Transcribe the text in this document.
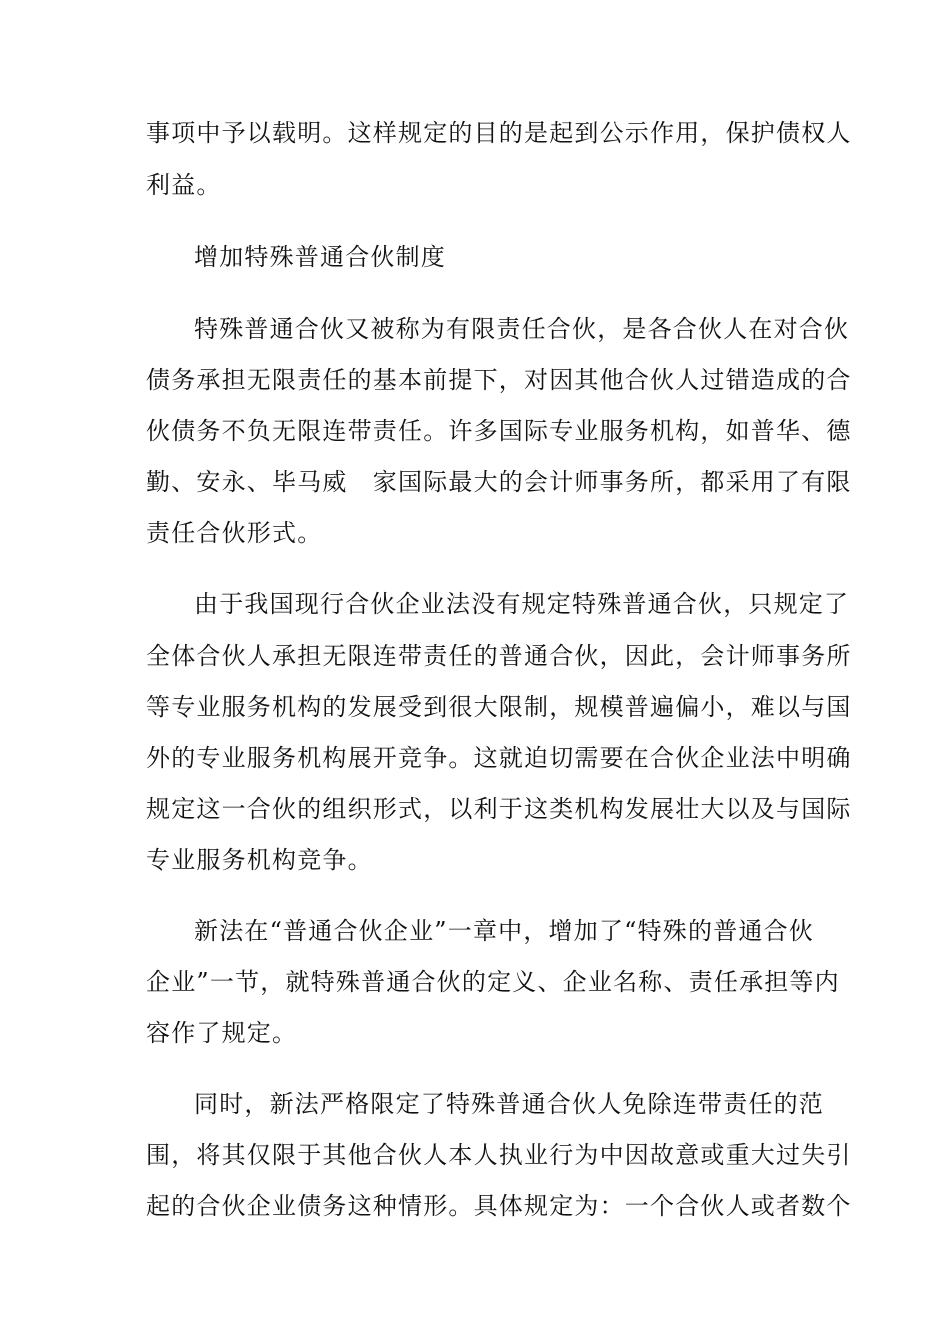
事项中予以载明。这样规定的目的是起到公示作用，保护债权人
利益。
增加特殊普通合伙制度
特殊普通合伙又被称为有限责任合伙，是各合伙人在对合伙
债务承担无限责任的基本前提下，对因其他合伙人过错造成的合
伙债务不负无限连带责任。许多国际专业服务机构，如普华、德
勤、安永、毕马威　家国际最大的会计师事务所，都采用了有限
责任合伙形式。
由于我国现行合伙企业法没有规定特殊普通合伙，只规定了
全体合伙人承担无限连带责任的普通合伙，因此，会计师事务所
等专业服务机构的发展受到很大限制，规模普遍偏小，难以与国
外的专业服务机构展开竞争。这就迫切需要在合伙企业法中明确
规定这一合伙的组织形式，以利于这类机构发展壮大以及与国际
专业服务机构竞争。
新法在“普通合伙企业”一章中，增加了“特殊的普通合伙
企业”一节，就特殊普通合伙的定义、企业名称、责任承担等内
容作了规定。
同时，新法严格限定了特殊普通合伙人免除连带责任的范
围，将其仅限于其他合伙人本人执业行为中因故意或重大过失引
起的合伙企业债务这种情形。具体规定为：一个合伙人或者数个
